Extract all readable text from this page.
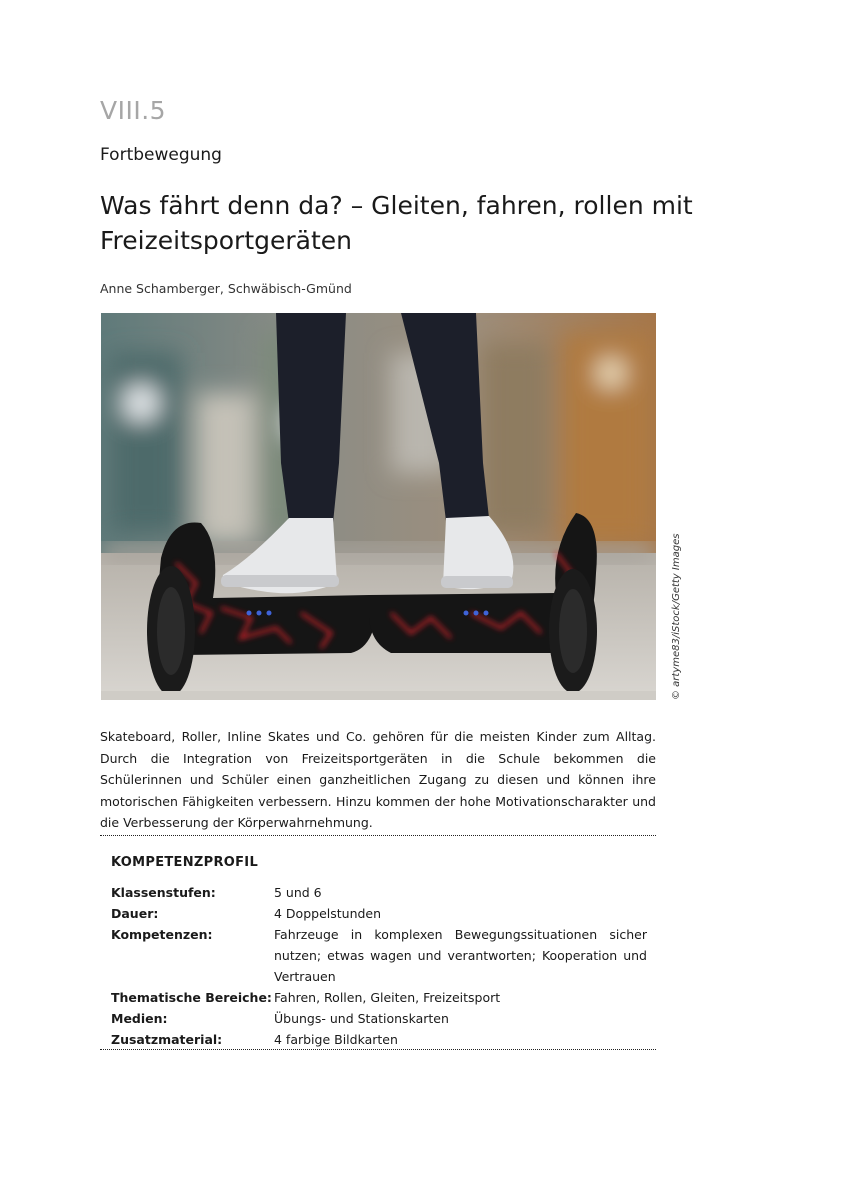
VIII.5
Fortbewegung
Was fährt denn da? – Gleiten, fahren, rollen mit
Freizeitsportgeräten
Anne Schamberger, Schwäbisch-Gmünd
© artyme83/iStock/Getty Images

Skateboard, Roller, Inline Skates und Co. gehören für die meisten Kinder zum Alltag. Durch die Integration von Freizeitsportgeräten in die Schule bekommen die Schülerinnen und Schüler einen ganzheitlichen Zugang zu diesen und können ihre motorischen Fähigkeiten verbessern. Hinzu kommen der hohe Motivationscharakter und die Verbesserung der Körperwahrnehmung.

KOMPETENZPROFIL
Klassenstufen:	5 und 6
Dauer:	4 Doppelstunden
Kompetenzen:	Fahrzeuge in komplexen Bewegungssituationen sicher nutzen; etwas wagen und verantworten; Kooperation und Vertrauen
Thematische Bereiche: Fahren, Rollen, Gleiten, Freizeitsport
Medien:	Übungs- und Stationskarten
Zusatzmaterial:	4 farbige Bildkarten
